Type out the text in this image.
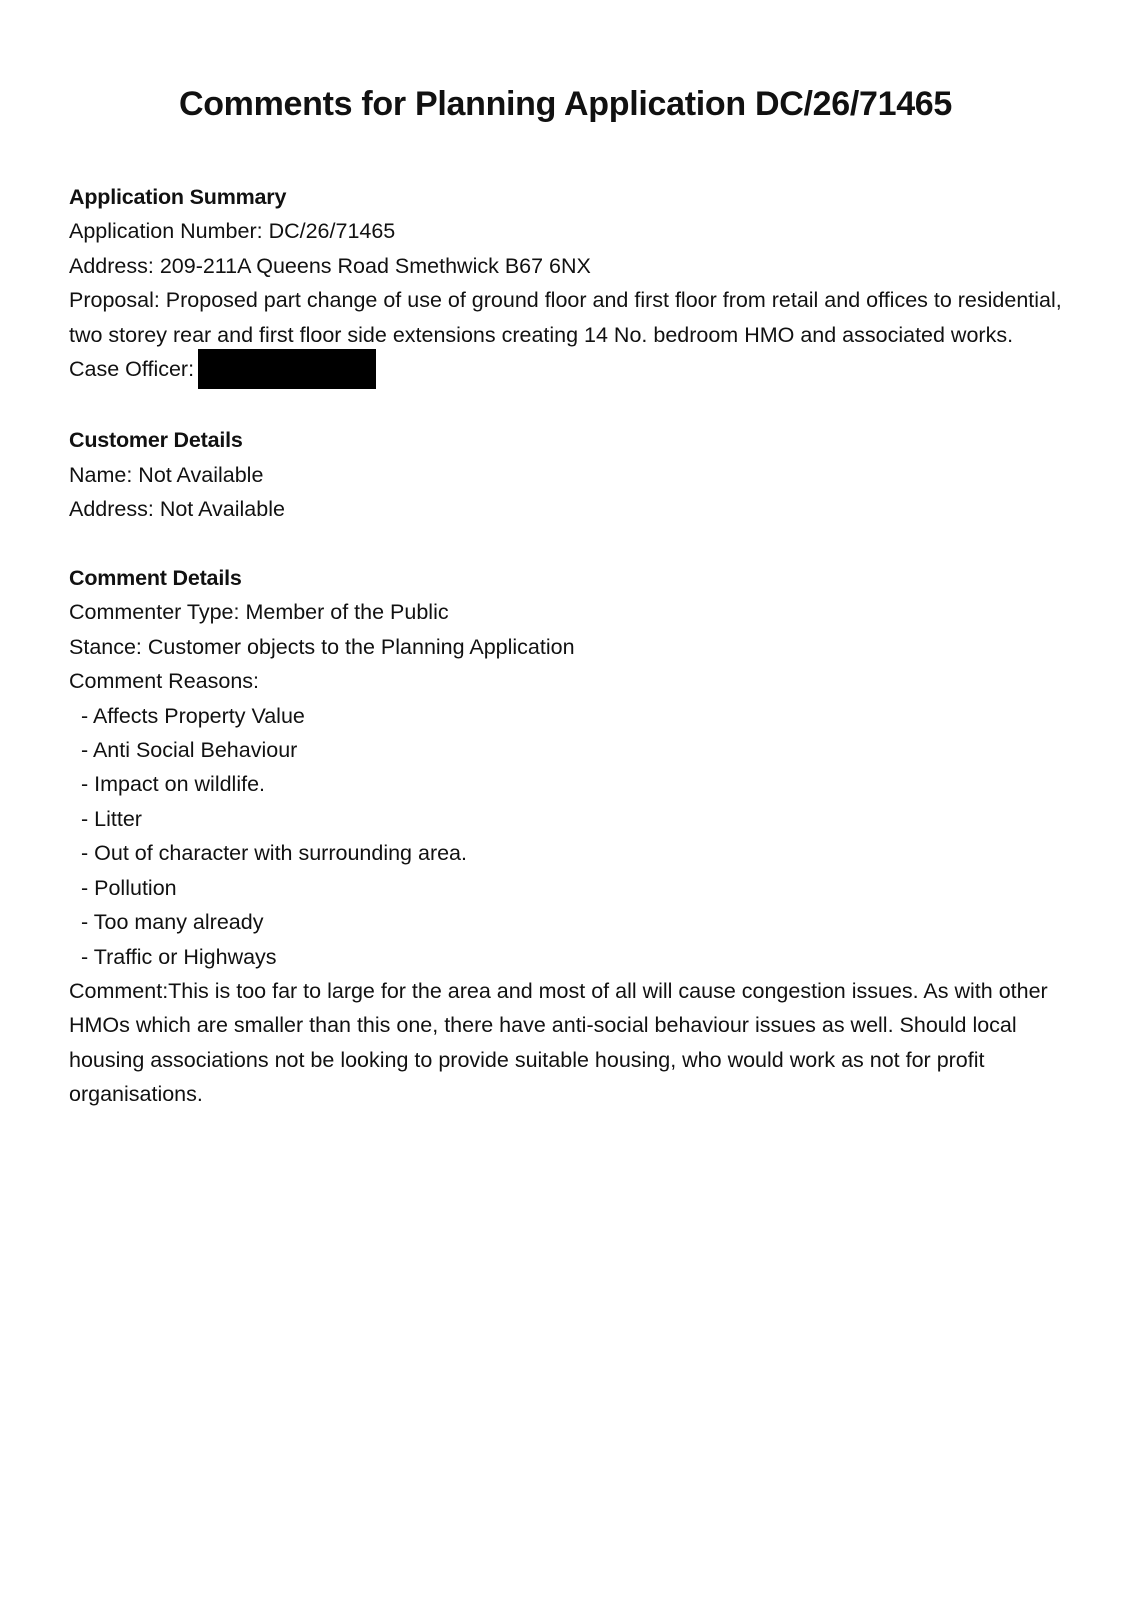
Comments for Planning Application DC/26/71465

Application Summary

Application Number: DC/26/71465

Address: 209-211A Queens Road Smethwick B67 6NX

Proposal: Proposed part change of use of ground floor and first floor from retail and offices to residential, two storey rear and first floor side extensions creating 14 No. bedroom HMO and associated works.

Case Officer:

Customer Details

Name: Not Available

Address: Not Available

Comment Details

Commenter Type: Member of the Public

Stance: Customer objects to the Planning Application

Comment Reasons:

- Affects Property Value
- Anti Social Behaviour
- Impact on wildlife.
- Litter
- Out of character with surrounding area.
- Pollution
- Too many already
- Traffic or Highways

Comment:This is too far to large for the area and most of all will cause congestion issues. As with other HMOs which are smaller than this one, there have anti-social behaviour issues as well. Should local housing associations not be looking to provide suitable housing, who would work as not for profit organisations.
